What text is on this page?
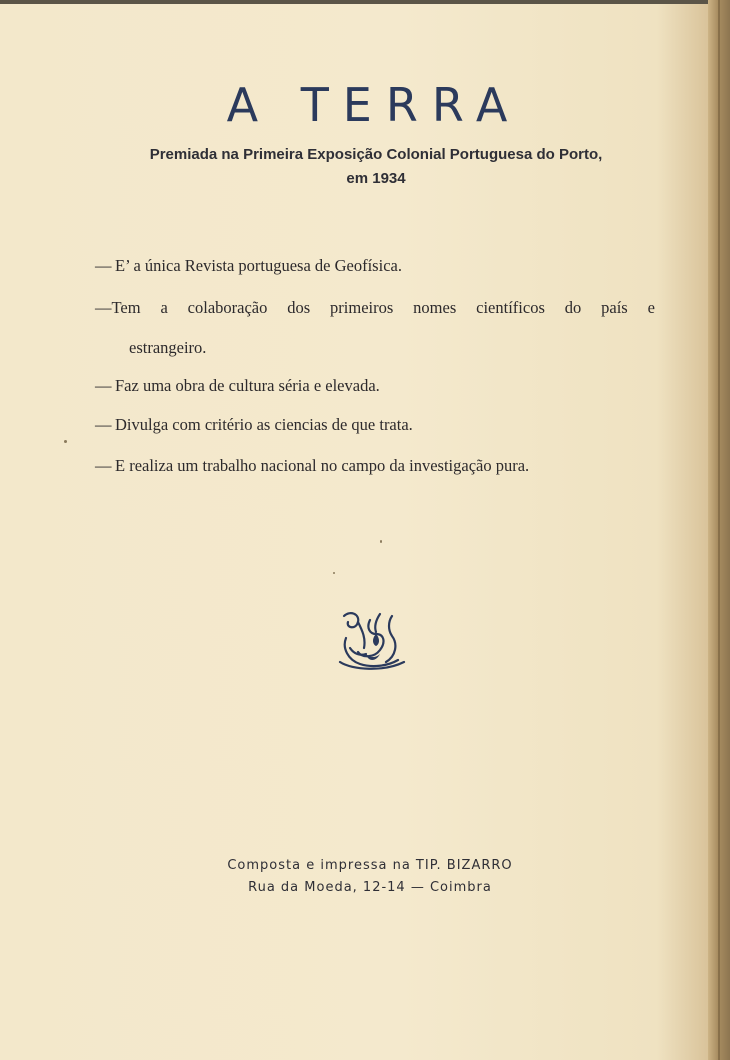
A TERRA
Premiada na Primeira Exposição Colonial Portuguesa do Porto,
em 1934
— E’ a única Revista portuguesa de Geofísica.
—Tem a colaboração dos primeiros nomes científicos do país e
estrangeiro.
— Faz uma obra de cultura séria e elevada.
— Divulga com critério as ciencias de que trata.
— E realiza um trabalho nacional no campo da investigação pura.
Composta e impressa na TIP. BIZARRO
Rua da Moeda, 12-14 — Coimbra
